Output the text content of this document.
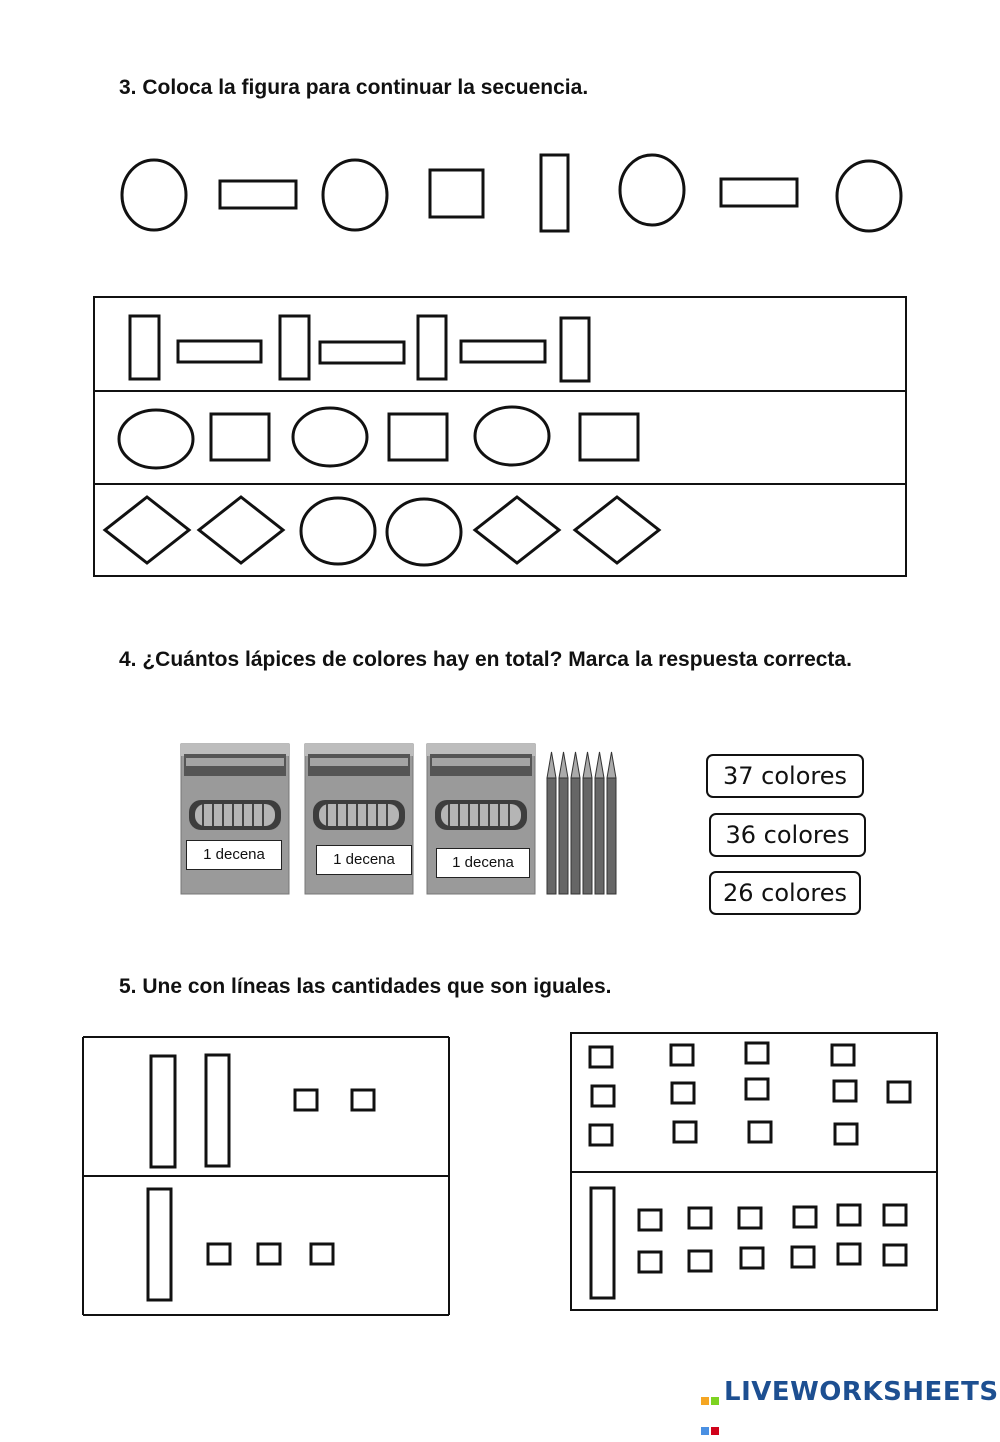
3. Coloca la figura para continuar la secuencia.
4. ¿Cuántos lápices de colores hay en total? Marca la respuesta correcta.
1 decena	1 decena	1 decena
37 colores
36 colores
26 colores
5. Une con líneas las cantidades que son iguales.

LIVEWORKSHEETS
